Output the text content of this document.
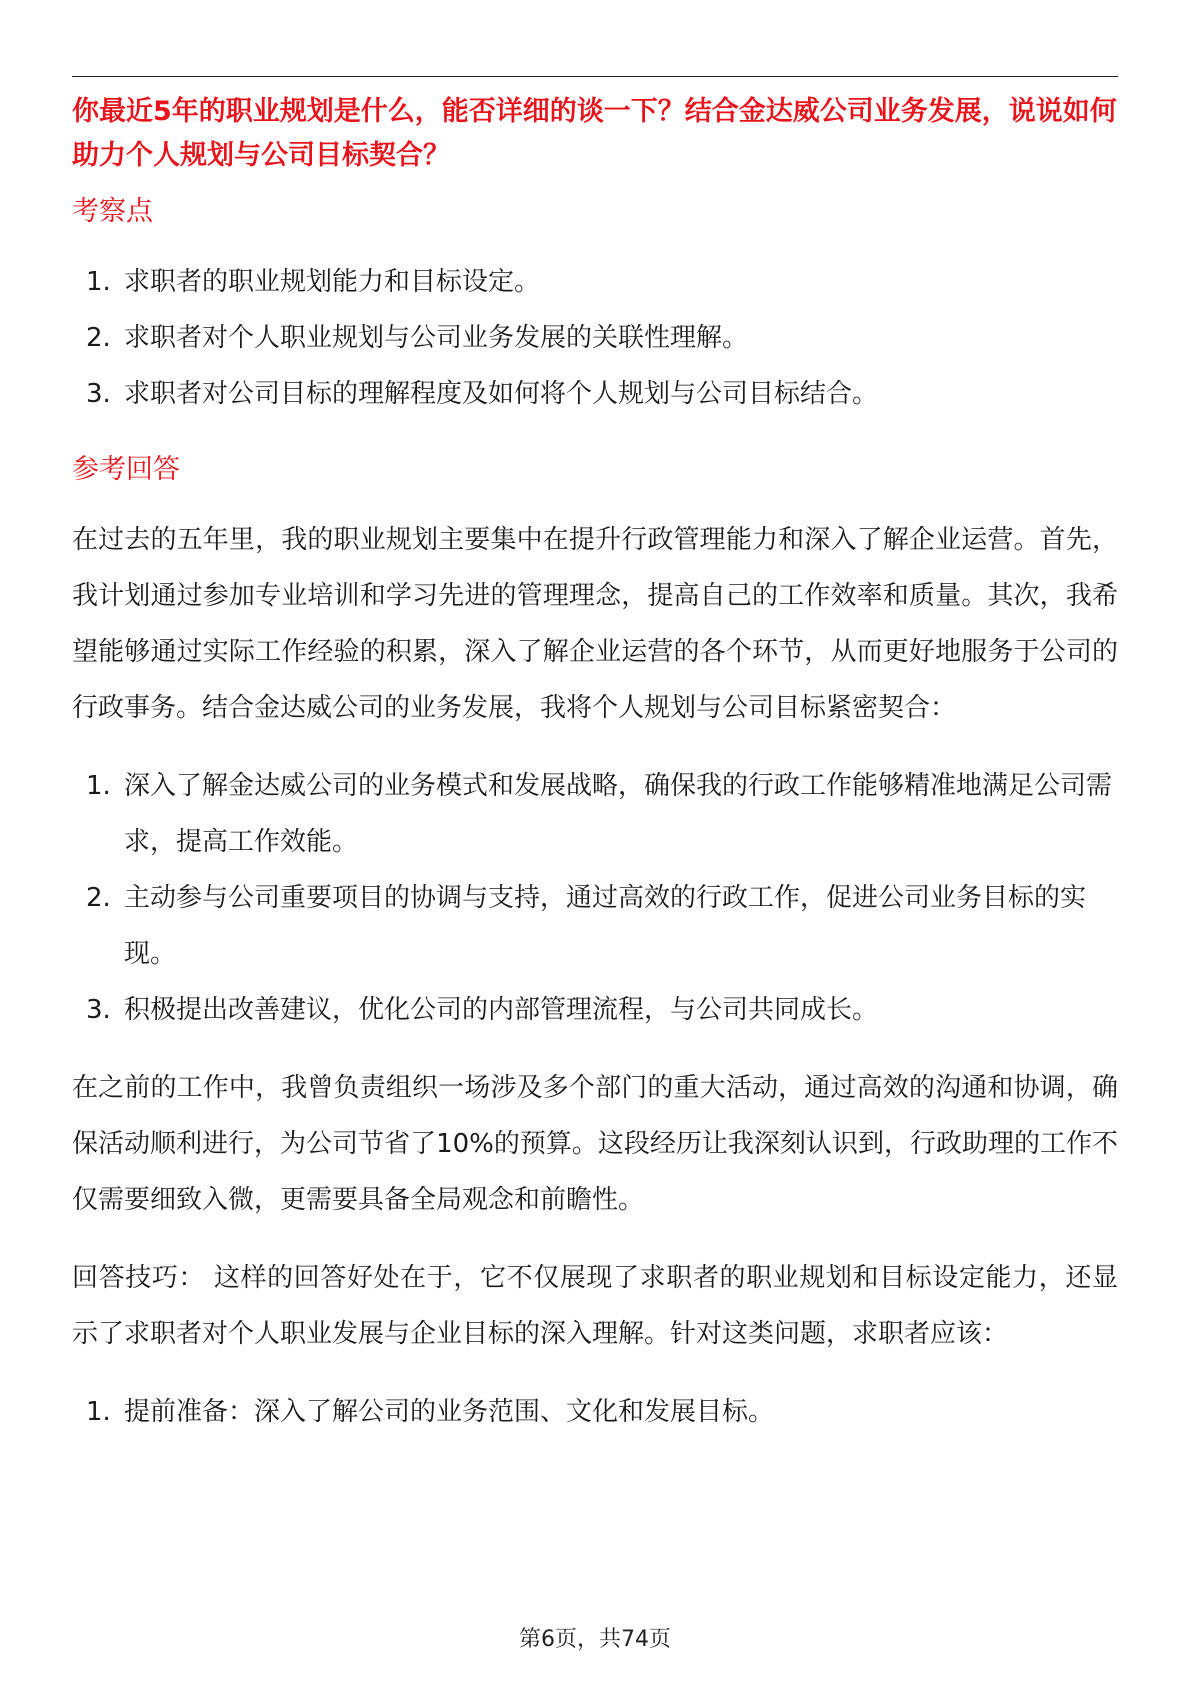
你最近5年的职业规划是什么，能否详细的谈一下？结合金达威公司业务发展，说说如何助力个人规划与公司目标契合？

考察点

1. 求职者的职业规划能力和目标设定。
2. 求职者对个人职业规划与公司业务发展的关联性理解。
3. 求职者对公司目标的理解程度及如何将个人规划与公司目标结合。

参考回答

在过去的五年里，我的职业规划主要集中在提升行政管理能力和深入了解企业运营。首先，我计划通过参加专业培训和学习先进的管理理念，提高自己的工作效率和质量。其次，我希望能够通过实际工作经验的积累，深入了解企业运营的各个环节，从而更好地服务于公司的行政事务。结合金达威公司的业务发展，我将个人规划与公司目标紧密契合：

1. 深入了解金达威公司的业务模式和发展战略，确保我的行政工作能够精准地满足公司需求，提高工作效能。
2. 主动参与公司重要项目的协调与支持，通过高效的行政工作，促进公司业务目标的实现。
3. 积极提出改善建议，优化公司的内部管理流程，与公司共同成长。

在之前的工作中，我曾负责组织一场涉及多个部门的重大活动，通过高效的沟通和协调，确保活动顺利进行，为公司节省了10%的预算。这段经历让我深刻认识到，行政助理的工作不仅需要细致入微，更需要具备全局观念和前瞻性。

回答技巧： 这样的回答好处在于，它不仅展现了求职者的职业规划和目标设定能力，还显示了求职者对个人职业发展与企业目标的深入理解。针对这类问题，求职者应该：

1. 提前准备：深入了解公司的业务范围、文化和发展目标。
第6页，共74页
